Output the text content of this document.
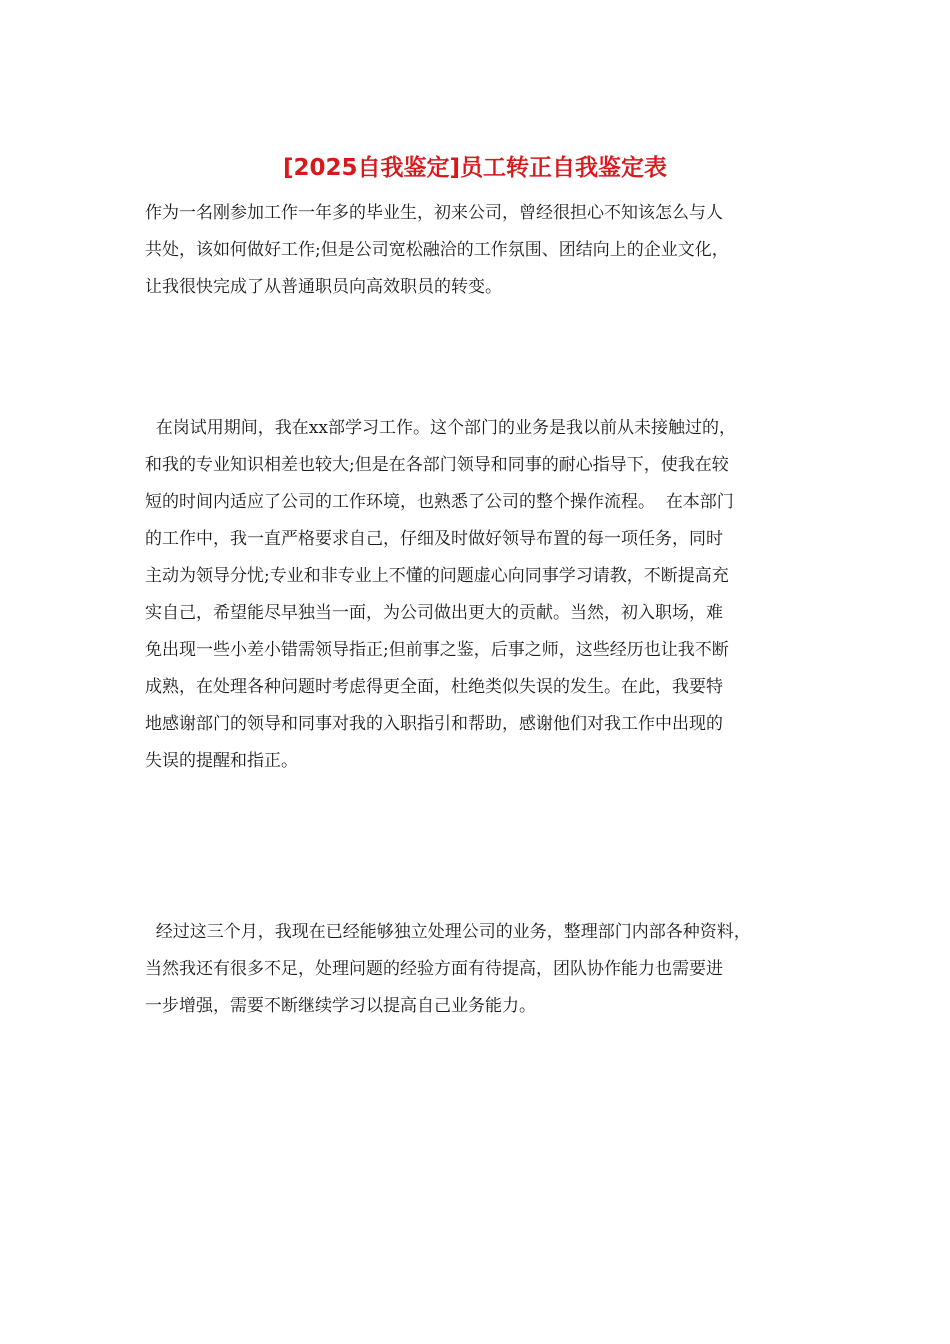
[2025自我鉴定]员工转正自我鉴定表
作为一名刚参加工作一年多的毕业生，初来公司，曾经很担心不知该怎么与人
共处，该如何做好工作;但是公司宽松融洽的工作氛围、团结向上的企业文化，
让我很快完成了从普通职员向高效职员的转变。
在岗试用期间，我在xx部学习工作。这个部门的业务是我以前从未接触过的，
和我的专业知识相差也较大;但是在各部门领导和同事的耐心指导下，使我在较
短的时间内适应了公司的工作环境，也熟悉了公司的整个操作流程。  在本部门
的工作中，我一直严格要求自己，仔细及时做好领导布置的每一项任务，同时
主动为领导分忧;专业和非专业上不懂的问题虚心向同事学习请教，不断提高充
实自己，希望能尽早独当一面，为公司做出更大的贡献。当然，初入职场，难
免出现一些小差小错需领导指正;但前事之鉴，后事之师，这些经历也让我不断
成熟，在处理各种问题时考虑得更全面，杜绝类似失误的发生。在此，我要特
地感谢部门的领导和同事对我的入职指引和帮助，感谢他们对我工作中出现的
失误的提醒和指正。
经过这三个月，我现在已经能够独立处理公司的业务，整理部门内部各种资料，
当然我还有很多不足，处理问题的经验方面有待提高，团队协作能力也需要进
一步增强，需要不断继续学习以提高自己业务能力。
